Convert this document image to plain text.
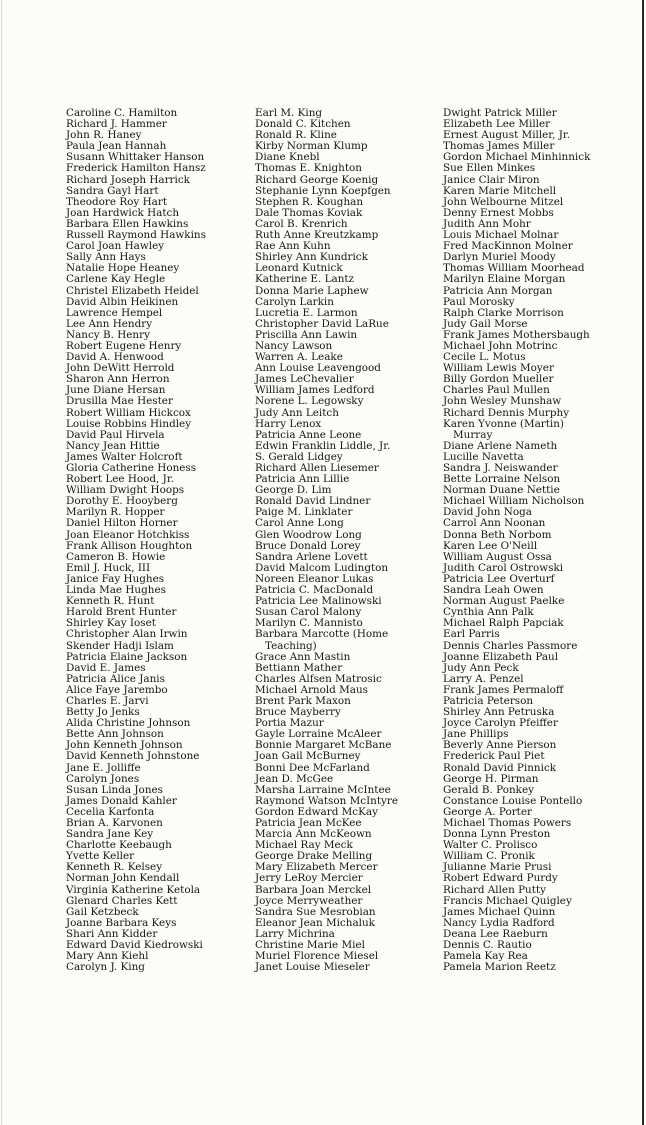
Caroline C. Hamilton
Richard J. Hammer
John R. Haney
Paula Jean Hannah
Susann Whittaker Hanson
Frederick Hamilton Hansz
Richard Joseph Harrick
Sandra Gayl Hart
Theodore Roy Hart
Joan Hardwick Hatch
Barbara Ellen Hawkins
Russell Raymond Hawkins
Carol Joan Hawley
Sally Ann Hays
Natalie Hope Heaney
Carlene Kay Hegle
Christel Elizabeth Heidel
David Albin Heikinen
Lawrence Hempel
Lee Ann Hendry
Nancy B. Henry
Robert Eugene Henry
David A. Henwood
John DeWitt Herrold
Sharon Ann Herron
June Diane Hersan
Drusilla Mae Hester
Robert William Hickcox
Louise Robbins Hindley
David Paul Hirvela
Nancy Jean Hittie
James Walter Holcroft
Gloria Catherine Honess
Robert Lee Hood, Jr.
William Dwight Hoops
Dorothy E. Hooyberg
Marilyn R. Hopper
Daniel Hilton Horner
Joan Eleanor Hotchkiss
Frank Allison Houghton
Cameron B. Howie
Emil J. Huck, III
Janice Fay Hughes
Linda Mae Hughes
Kenneth R. Hunt
Harold Brent Hunter
Shirley Kay Ioset
Christopher Alan Irwin
Skender Hadji Islam
Patricia Elaine Jackson
David E. James
Patricia Alice Janis
Alice Faye Jarembo
Charles E. Jarvi
Betty Jo Jenks
Alida Christine Johnson
Bette Ann Johnson
John Kenneth Johnson
David Kenneth Johnstone
Jane E. Jolliffe
Carolyn Jones
Susan Linda Jones
James Donald Kahler
Cecelia Karfonta
Brian A. Karvonen
Sandra Jane Key
Charlotte Keebaugh
Yvette Keller
Kenneth R. Kelsey
Norman John Kendall
Virginia Katherine Ketola
Glenard Charles Kett
Gail Ketzbeck
Joanne Barbara Keys
Shari Ann Kidder
Edward David Kiedrowski
Mary Ann Kiehl
Carolyn J. King
Earl M. King
Donald C. Kitchen
Ronald R. Kline
Kirby Norman Klump
Diane Knebl
Thomas E. Knighton
Richard George Koenig
Stephanie Lynn Koepfgen
Stephen R. Koughan
Dale Thomas Koviak
Carol B. Krenrich
Ruth Anne Kreutzkamp
Rae Ann Kuhn
Shirley Ann Kundrick
Leonard Kutnick
Katherine E. Lantz
Donna Marie Laphew
Carolyn Larkin
Lucretia E. Larmon
Christopher David LaRue
Priscilla Ann Lawin
Nancy Lawson
Warren A. Leake
Ann Louise Leavengood
James LeChevalier
William James Ledford
Norene L. Legowsky
Judy Ann Leitch
Harry Lenox
Patricia Anne Leone
Edwin Franklin Liddle, Jr.
S. Gerald Lidgey
Richard Allen Liesemer
Patricia Ann Lillie
George D. Lim
Ronald David Lindner
Paige M. Linklater
Carol Anne Long
Glen Woodrow Long
Bruce Donald Lorey
Sandra Arlene Lovett
David Malcom Ludington
Noreen Eleanor Lukas
Patricia C. MacDonald
Patricia Lee Malinowski
Susan Carol Malony
Marilyn C. Mannisto
Barbara Marcotte (Home
Teaching)
Grace Ann Mastin
Bettiann Mather
Charles Alfsen Matrosic
Michael Arnold Maus
Brent Park Maxon
Bruce Mayberry
Portia Mazur
Gayle Lorraine McAleer
Bonnie Margaret McBane
Joan Gail McBurney
Bonni Dee McFarland
Jean D. McGee
Marsha Larraine McIntee
Raymond Watson McIntyre
Gordon Edward McKay
Patricia Jean McKee
Marcia Ann McKeown
Michael Ray Meck
George Drake Melling
Mary Elizabeth Mercer
Jerry LeRoy Mercier
Barbara Joan Merckel
Joyce Merryweather
Sandra Sue Mesrobian
Eleanor Jean Michaluk
Larry Michrina
Christine Marie Miel
Muriel Florence Miesel
Janet Louise Mieseler
Dwight Patrick Miller
Elizabeth Lee Miller
Ernest August Miller, Jr.
Thomas James Miller
Gordon Michael Minhinnick
Sue Ellen Minkes
Janice Clair Miron
Karen Marie Mitchell
John Welbourne Mitzel
Denny Ernest Mobbs
Judith Ann Mohr
Louis Michael Molnar
Fred MacKinnon Molner
Darlyn Muriel Moody
Thomas William Moorhead
Marilyn Elaine Morgan
Patricia Ann Morgan
Paul Morosky
Ralph Clarke Morrison
Judy Gail Morse
Frank James Mothersbaugh
Michael John Motrinc
Cecile L. Motus
William Lewis Moyer
Billy Gordon Mueller
Charles Paul Mullen
John Wesley Munshaw
Richard Dennis Murphy
Karen Yvonne (Martin)
Murray
Diane Arlene Nameth
Lucille Navetta
Sandra J. Neiswander
Bette Lorraine Nelson
Norman Duane Nettie
Michael William Nicholson
David John Noga
Carrol Ann Noonan
Donna Beth Norbom
Karen Lee O'Neill
William August Ossa
Judith Carol Ostrowski
Patricia Lee Overturf
Sandra Leah Owen
Norman August Paelke
Cynthia Ann Palk
Michael Ralph Papciak
Earl Parris
Dennis Charles Passmore
Joanne Elizabeth Paul
Judy Ann Peck
Larry A. Penzel
Frank James Permaloff
Patricia Peterson
Shirley Ann Petruska
Joyce Carolyn Pfeiffer
Jane Phillips
Beverly Anne Pierson
Frederick Paul Piet
Ronald David Pinnick
George H. Pirman
Gerald B. Ponkey
Constance Louise Pontello
George A. Porter
Michael Thomas Powers
Donna Lynn Preston
Walter C. Prolisco
William C. Pronik
Julianne Marie Prusi
Robert Edward Purdy
Richard Allen Putty
Francis Michael Quigley
James Michael Quinn
Nancy Lydia Radford
Deana Lee Raeburn
Dennis C. Rautio
Pamela Kay Rea
Pamela Marion Reetz
